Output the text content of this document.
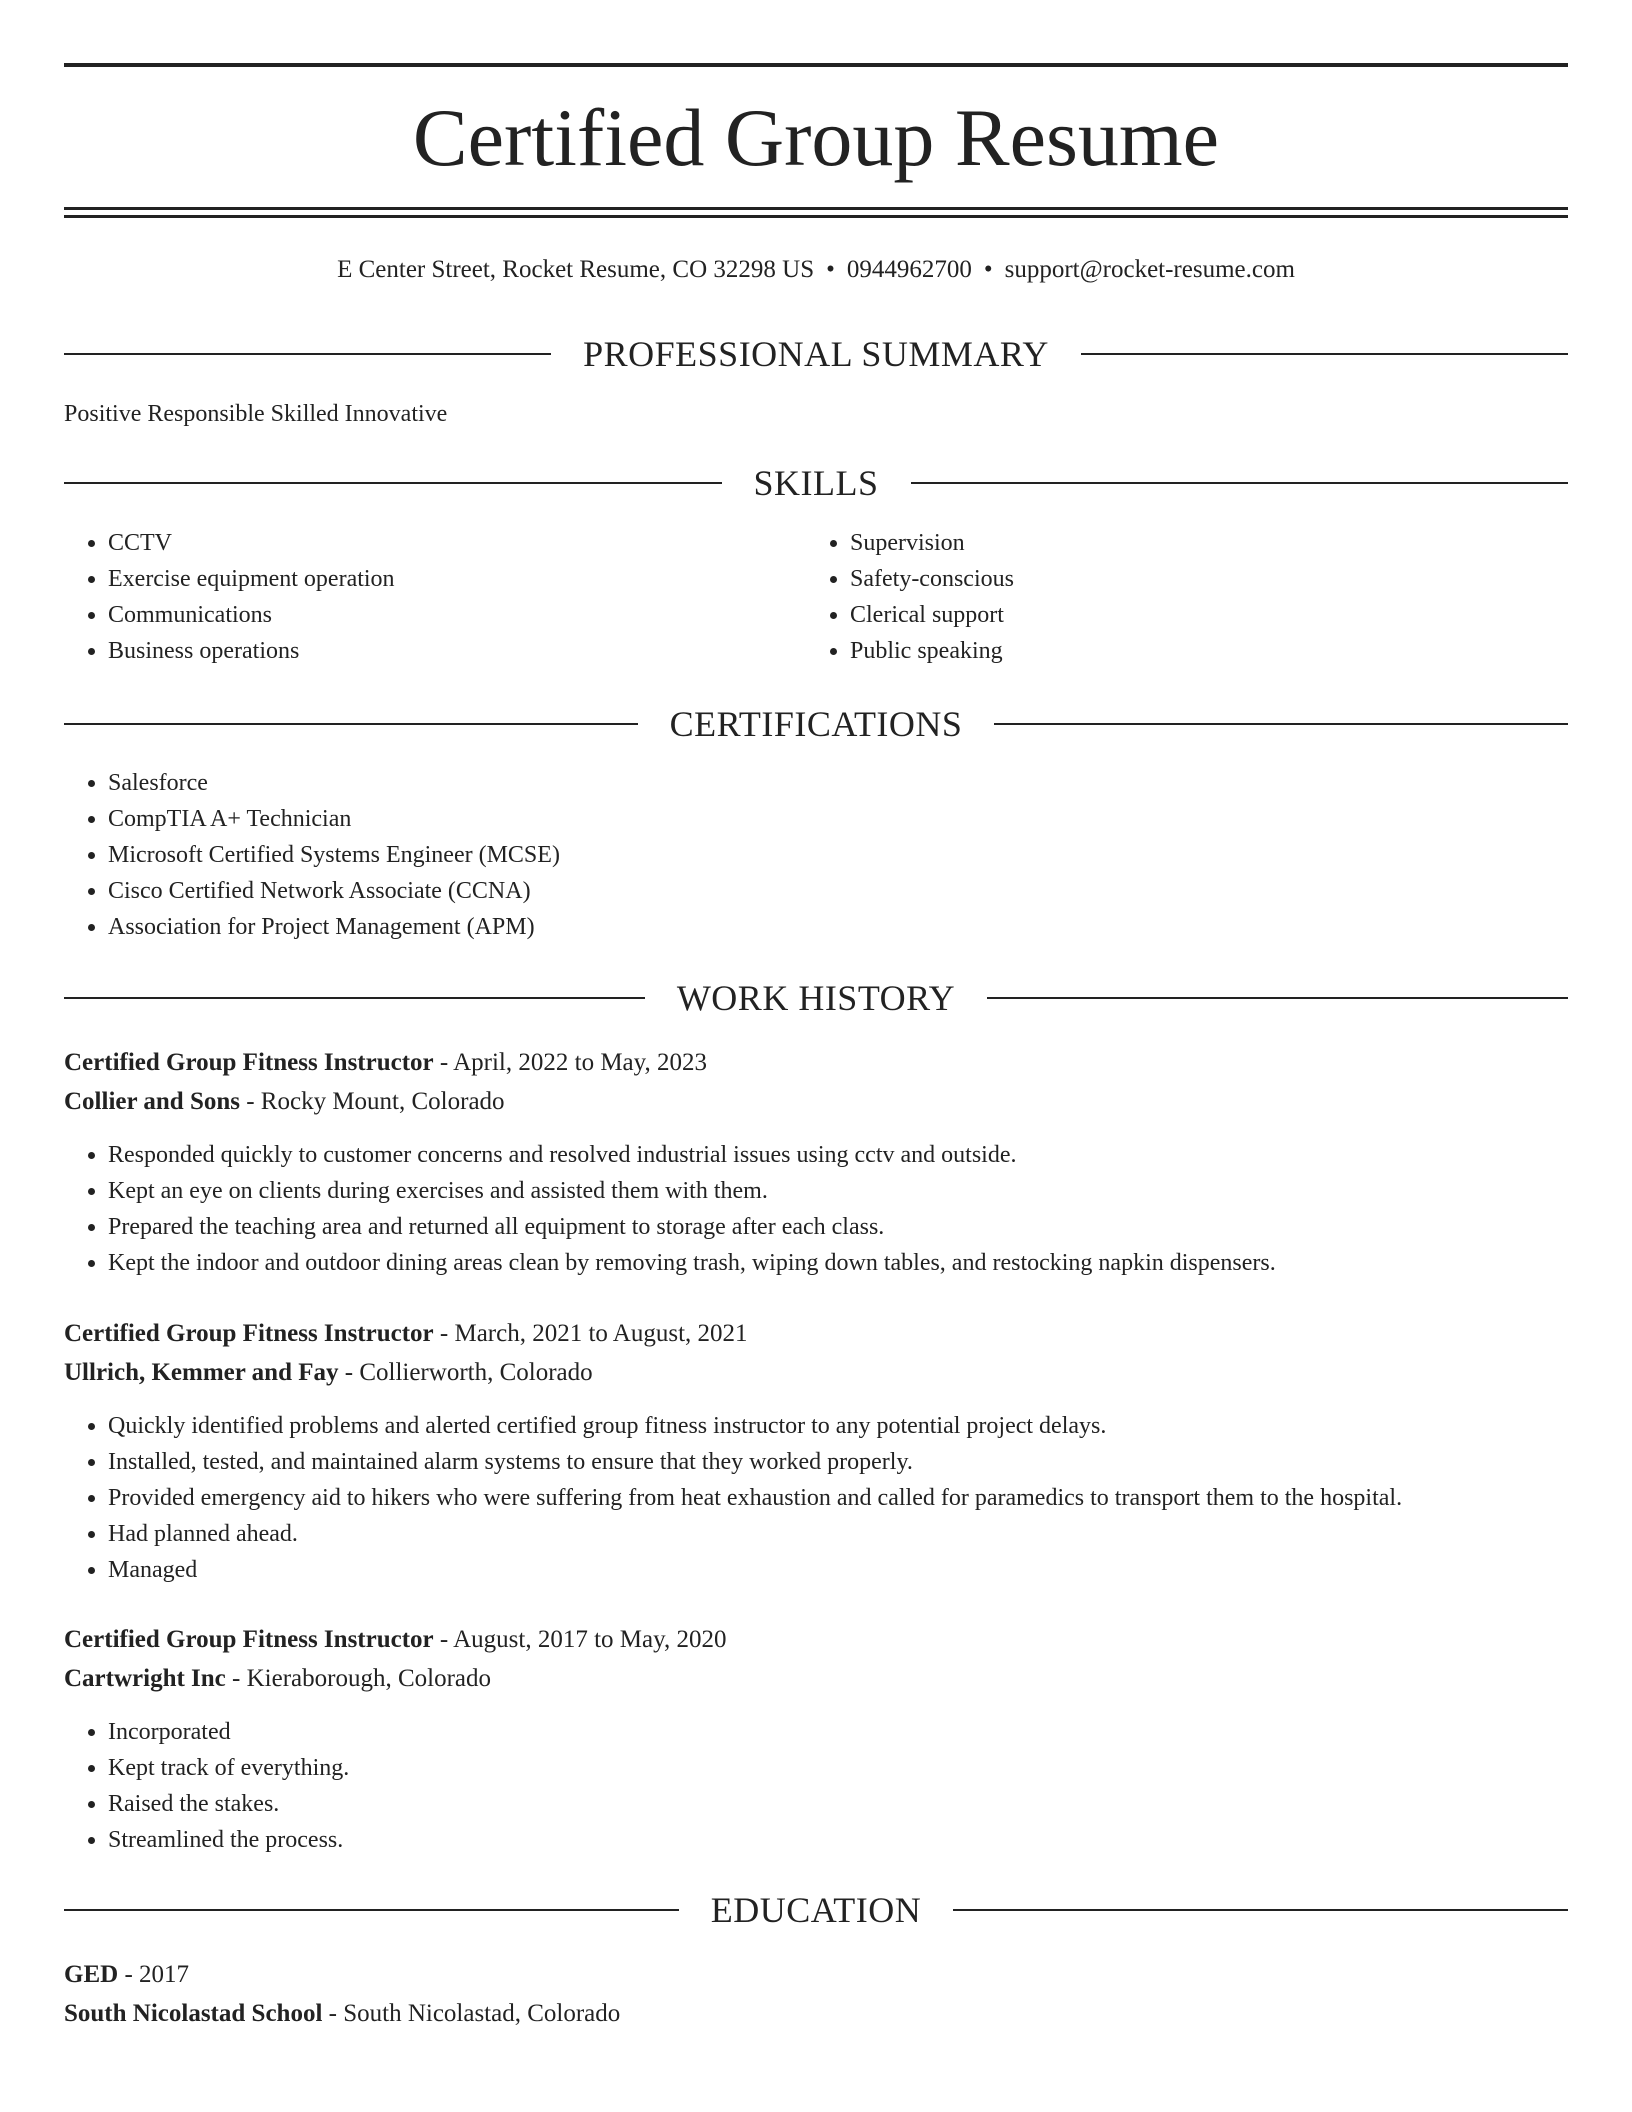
Certified Group Resume
E Center Street, Rocket Resume, CO 32298 US • 0944962700 • support@rocket-resume.com
PROFESSIONAL SUMMARY
Positive Responsible Skilled Innovative
SKILLS
• CCTV
• Exercise equipment operation
• Communications
• Business operations
• Supervision
• Safety-conscious
• Clerical support
• Public speaking
CERTIFICATIONS
• Salesforce
• CompTIA A+ Technician
• Microsoft Certified Systems Engineer (MCSE)
• Cisco Certified Network Associate (CCNA)
• Association for Project Management (APM)
WORK HISTORY
Certified Group Fitness Instructor - April, 2022 to May, 2023
Collier and Sons - Rocky Mount, Colorado
• Responded quickly to customer concerns and resolved industrial issues using cctv and outside.
• Kept an eye on clients during exercises and assisted them with them.
• Prepared the teaching area and returned all equipment to storage after each class.
• Kept the indoor and outdoor dining areas clean by removing trash, wiping down tables, and restocking napkin dispensers.
Certified Group Fitness Instructor - March, 2021 to August, 2021
Ullrich, Kemmer and Fay - Collierworth, Colorado
• Quickly identified problems and alerted certified group fitness instructor to any potential project delays.
• Installed, tested, and maintained alarm systems to ensure that they worked properly.
• Provided emergency aid to hikers who were suffering from heat exhaustion and called for paramedics to transport them to the hospital.
• Had planned ahead.
• Managed
Certified Group Fitness Instructor - August, 2017 to May, 2020
Cartwright Inc - Kieraborough, Colorado
• Incorporated
• Kept track of everything.
• Raised the stakes.
• Streamlined the process.
EDUCATION
GED - 2017
South Nicolastad School - South Nicolastad, Colorado
